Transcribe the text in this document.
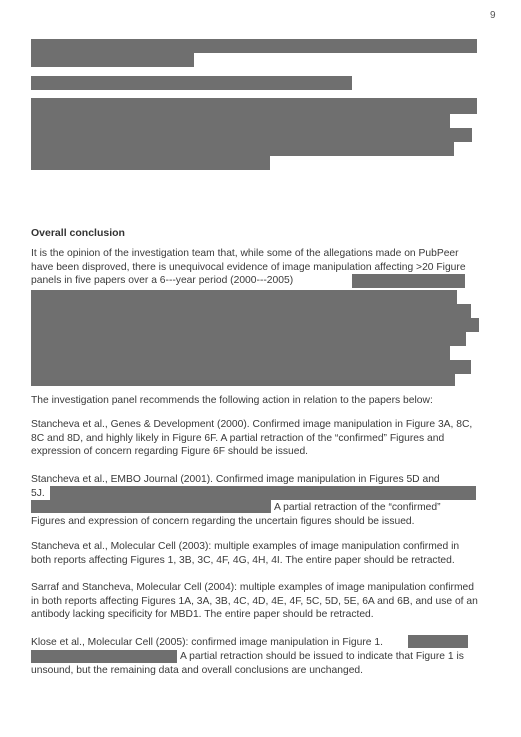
9
Overall conclusion

It is the opinion of the investigation team that, while some of the allegations made on PubPeer have been disproved, there is unequivocal evidence of image manipulation affecting >20 Figure panels in five papers over a 6---year period (2000---2005)

The investigation panel recommends the following action in relation to the papers below:

Stancheva et al., Genes & Development (2000). Confirmed image manipulation in Figure 3A, 8C, 8C and 8D, and highly likely in Figure 6F. A partial retraction of the “confirmed” Figures and expression of concern regarding Figure 6F should be issued.

Stancheva et al., EMBO Journal (2001). Confirmed image manipulation in Figures 5D and

5J.
A partial retraction of the “confirmed”
Figures and expression of concern regarding the uncertain figures should be issued.

Stancheva et al., Molecular Cell (2003): multiple examples of image manipulation confirmed in both reports affecting Figures 1, 3B, 3C, 4F, 4G, 4H, 4I. The entire paper should be retracted.

Sarraf and Stancheva, Molecular Cell (2004): multiple examples of image manipulation confirmed in both reports affecting Figures 1A, 3A, 3B, 4C, 4D, 4E, 4F, 5C, 5D, 5E, 6A and 6B, and use of an antibody lacking specificity for MBD1. The entire paper should be retracted.

Klose et al., Molecular Cell (2005): confirmed image manipulation in Figure 1.
A partial retraction should be issued to indicate that Figure 1 is
unsound, but the remaining data and overall conclusions are unchanged.
